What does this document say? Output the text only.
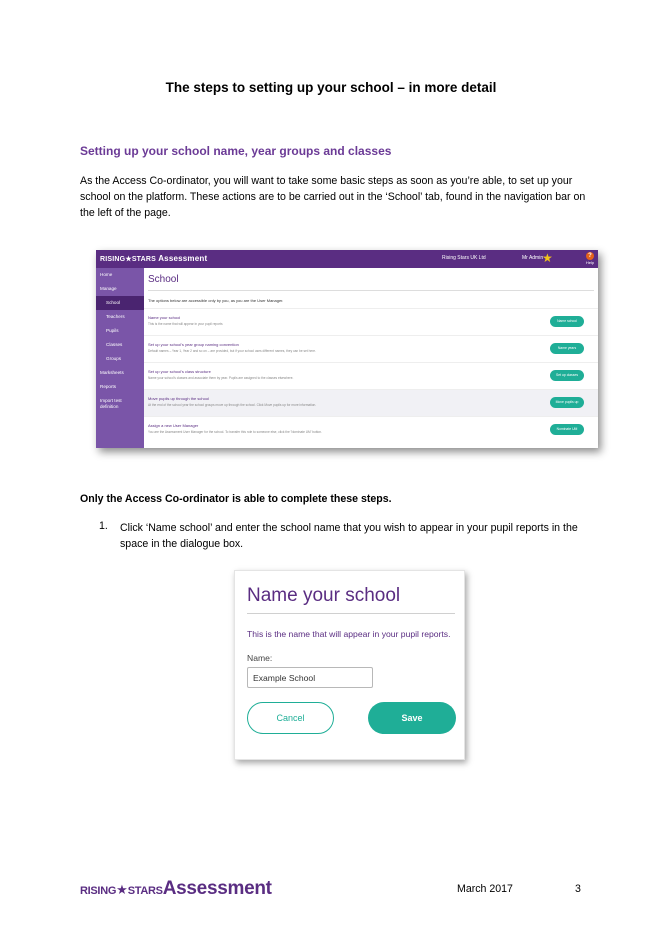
The steps to setting up your school – in more detail
Setting up your school name, year groups and classes
As the Access Co-ordinator, you will want to take some basic steps as soon as you’re able, to set up your school on the platform. These actions are to be carried out in the ‘School’ tab, found in the navigation bar on the left of the page.
RISING★STARS Assessment	Rising Stars UK Ltd	Mr Admin
★	?
Help
Home
Manage
School
Teachers
Pupils
Classes
Groups
Marksheets
Reports
Import test definition
School
The options below are accessible only by you, as you are the User Manager.
Name your school
This is the name that will appear in your pupil reports
Name school
Set up your school's year group naming convention
Default names – Year 1, Year 2 and so on – are provided, but if your school uses different names, they can be set here.
Name years
Set up your school's class structure
Name your school's classes and associate them by year. Pupils are assigned to the classes elsewhere.
Set up classes
Move pupils up through the school
At the end of the school year the school groups move up through the school. Click Move pupils up for more information.
Move pupils up
Assign a new User Manager
You are the Assessment User Manager for the school. To transfer this role to someone else, click the 'Nominate UM' button.
Nominate UM
Only the Access Co-ordinator is able to complete these steps.
1. Click ‘Name school’ and enter the school name that you wish to appear in your pupil reports in the space in the dialogue box.
Name your school
This is the name that will appear in your pupil reports.
Name:
Example School
Cancel	Save
RISING★STARSAssessment	March 2017	3
